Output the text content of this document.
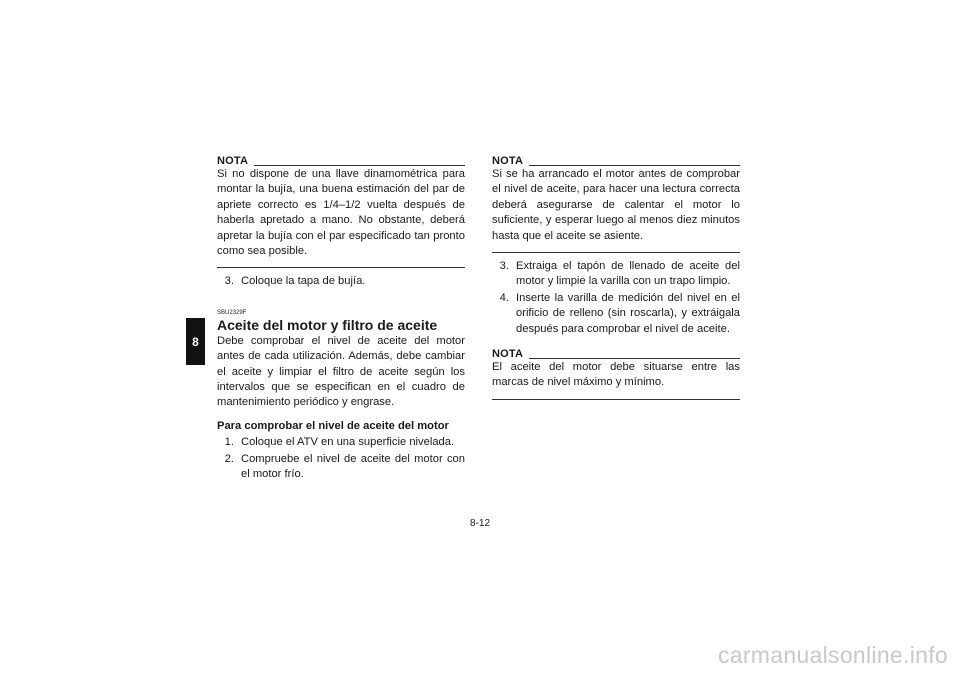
8
NOTA

Si no dispone de una llave dinamométrica para montar la bujía, una buena estimación del par de apriete correcto es 1/4–1/2 vuelta después de haberla apretado a mano. No obstante, deberá apretar la bujía con el par especificado tan pronto como sea posible.

3. Coloque la tapa de bujía.
SBU2329F
Aceite del motor y filtro de aceite

Debe comprobar el nivel de aceite del motor antes de cada utilización. Además, debe cambiar el aceite y limpiar el filtro de aceite según los intervalos que se especifican en el cuadro de mantenimiento periódico y engrase.

Para comprobar el nivel de aceite del motor
1. Coloque el ATV en una superficie nivelada.
2. Compruebe el nivel de aceite del motor con el motor frío.
NOTA

Si se ha arrancado el motor antes de comprobar el nivel de aceite, para hacer una lectura correcta deberá asegurarse de calentar el motor lo suficiente, y esperar luego al menos diez minutos hasta que el aceite se asiente.

3. Extraiga el tapón de llenado de aceite del motor y limpie la varilla con un trapo limpio.
4. Inserte la varilla de medición del nivel en el orificio de relleno (sin roscarla), y extráigala después para comprobar el nivel de aceite.
NOTA

El aceite del motor debe situarse entre las marcas de nivel máximo y mínimo.

8-12
carmanualsonline.info
